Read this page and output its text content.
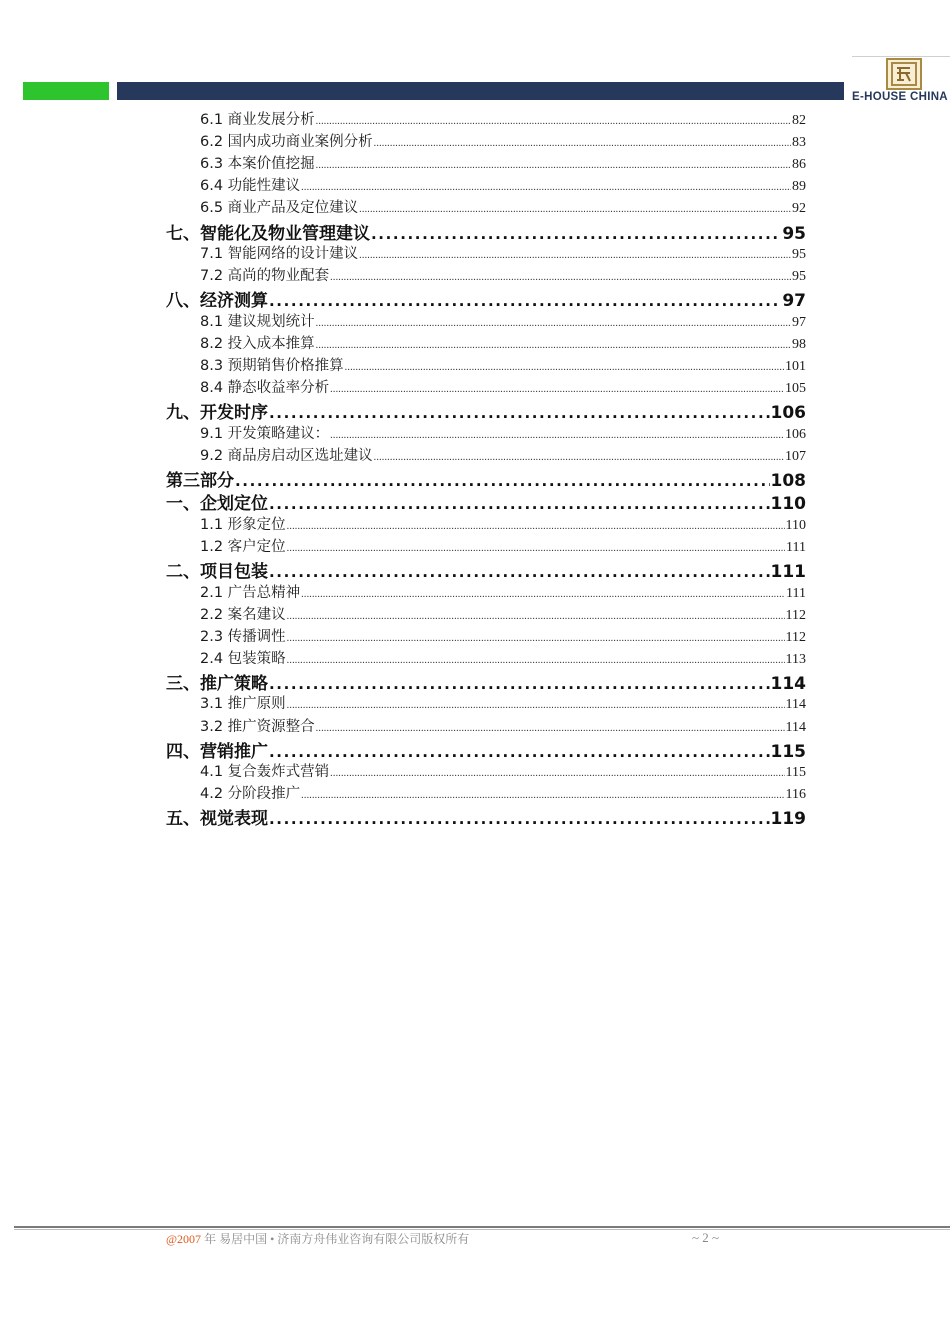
E-HOUSE CHINA
6.1 商业发展分析 .....	82
6.2 国内成功商业案例分析 .....	83
6.3 本案价值挖掘 .....	86
6.4 功能性建议 .....	89
6.5 商业产品及定位建议 .....	92
七、智能化及物业管理建议 .....	95
7.1 智能网络的设计建议 .....	95
7.2 高尚的物业配套 .....	95
八、经济测算 .....	97
8.1 建议规划统计 .....	97
8.2 投入成本推算 .....	98
8.3 预期销售价格推算 .....	101
8.4 静态收益率分析 .....	105
九、开发时序 .....	106
9.1 开发策略建议： .....	106
9.2 商品房启动区选址建议 .....	107
第三部分 .....	108
一、企划定位 .....	110
1.1 形象定位 .....	110
1.2 客户定位 .....	111
二、项目包装 .....	111
2.1 广告总精神 .....	111
2.2 案名建议 .....	112
2.3 传播调性 .....	112
2.4 包装策略 .....	113
三、推广策略 .....	114
3.1 推广原则 .....	114
3.2 推广资源整合 .....	114
四、营销推广 .....	115
4.1 复合轰炸式营销 .....	115
4.2 分阶段推广 .....	116
五、视觉表现 .....	119
@2007 年 易居中国 • 济南方舟伟业咨询有限公司版权所有	~ 2 ~
